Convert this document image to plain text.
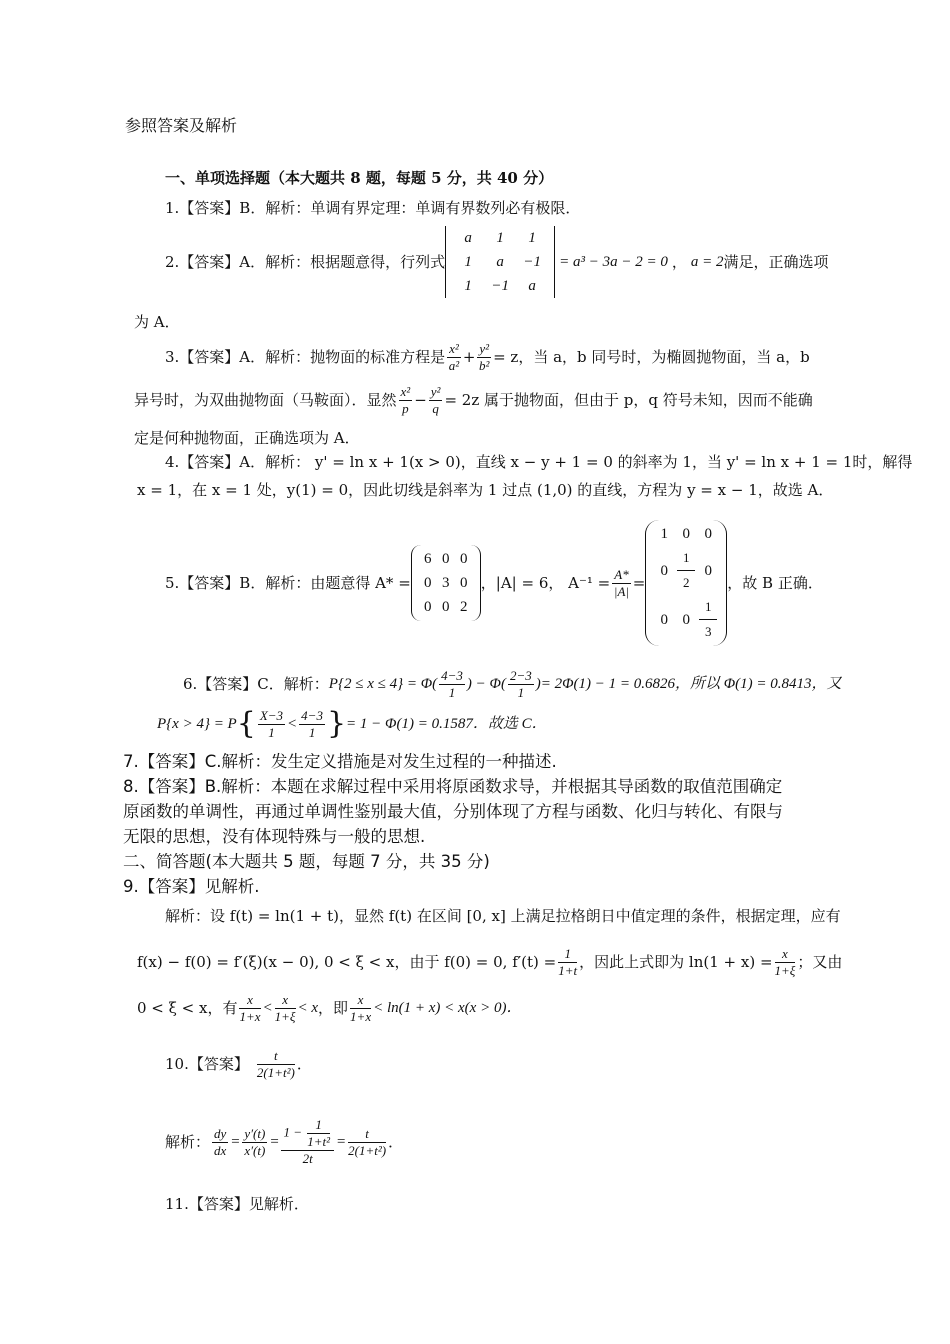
参照答案及解析
一、单项选择题（本大题共 8 题，每题 5 分，共 40 分）
1.【答案】B．解析：单调有界定理：单调有界数列必有极限．
2.【答案】A．解析：根据题意得，行列式
a	1	1
1	a	−1
1	−1	a
= a³ − 3a − 2 = 0 ， a = 2 满足，正确选项
为 A．
3.【答案】A．解析：抛物面的标准方程是 $\frac{\text{x²}}{\text{a²}} + \frac{\text{y²}}{\text{b²}} = z$，当 a，b 同号时，为椭圆抛物面，当 a，b
异号时，为双曲抛物面（马鞍面）．显然 $\frac{\text{x²}}{p} - \frac{\text{y²}}{q} = 2z$ 属于抛物面，但由于 p，q 符号未知，因而不能确
定是何种抛物面，正确选项为 A．
4.【答案】A．解析： y' = ln x + 1(x > 0)，直线 x − y + 1 = 0 的斜率为 1，当 y' = ln x + 1 = 1时，解得
x = 1，在 x = 1 处，y(1) = 0，因此切线是斜率为 1 过点 (1,0) 的直线，方程为 y = x − 1，故选 A．
5.【答案】B．解析：由题意得 A* =
6 0 0
0 3 0
0 0 2
，|A| = 6， $A^{-1} = \frac{A*}{|A|}$ =
1 0 0
$0 \frac{1}{2} 0$
0 $0 \frac{1}{3}$
，故 B 正确．
6.【答案】C．解析： $P\{2 \le x \le 4\} = \Phi( \frac{4-3}{1}$ ) − $\Phi( \frac{2-3}{1}$ ) = 2Φ(1) − 1 = 0.6826，所以 Φ(1) = 0.8413，又
P{x > 4} = P { $\frac{X-3}{1} < \frac{4-3}{1}$ } = 1 − Φ(1) = 0.1587．故选 C．
7.【答案】C.解析：发生定义措施是对发生过程的一种描述.
8.【答案】B.解析：本题在求解过程中采用将原函数求导，并根据其导函数的取值范围确定
原函数的单调性，再通过单调性鉴别最大值，分别体现了方程与函数、化归与转化、有限与
无限的思想，没有体现特殊与一般的思想.
二、简答题(本大题共 5 题，每题 7 分，共 35 分)
9.【答案】见解析.
解析：设 f(t) = ln(1 + t)，显然 f(t) 在区间 [0, x] 上满足拉格朗日中值定理的条件，根据定理，应有
f(x) − f(0) = f′(ξ)(x − 0), 0 < ξ < x，由于 f(0) = 0, $f'(t) = \frac{1}{1+t}$ ，因此上式即为 $\ln(1 + x) = \frac{x}{1+\xi}$ ；又由
0 < ξ < x，有 $\frac{x}{1+x} < \frac{x}{1+\xi} < x$ ，即 $\frac{x}{1+x} < \ln(1 + x) < x(x > 0)$．
10.【答案】 $\frac{t}{\text{2(1+t²)}}$ ．
解析： $\frac{dy}{dx} = \frac{y'(t)}{x'(t)} = \frac{1 - \frac{1}{\text{1+t²}}}{2t} = \frac{t}{\text{2(1+t²)}}$ ．
11.【答案】见解析．
